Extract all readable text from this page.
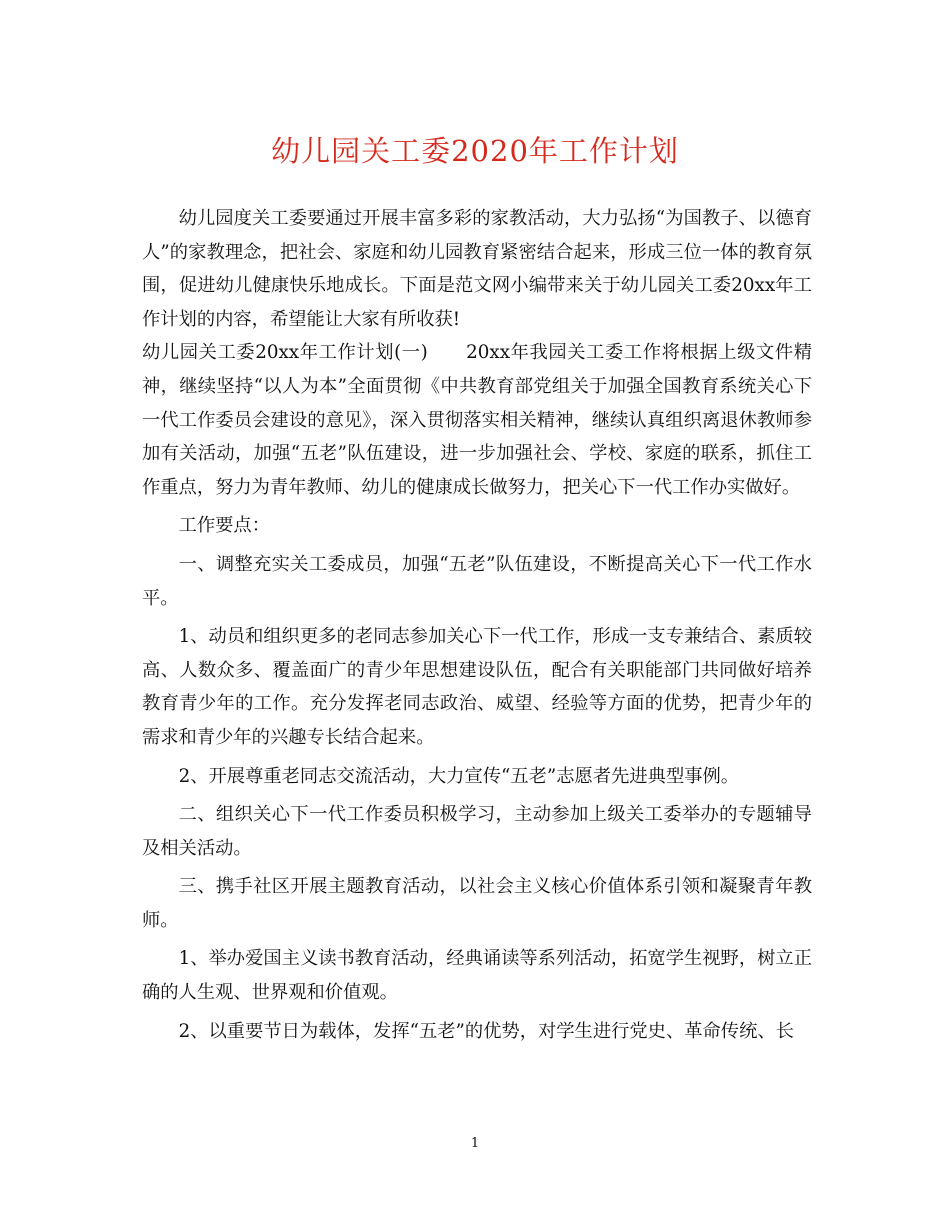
幼儿园关工委2020年工作计划

幼儿园度关工委要通过开展丰富多彩的家教活动，大力弘扬“为国教子、以德育人”的家教理念，把社会、家庭和幼儿园教育紧密结合起来，形成三位一体的教育氛围，促进幼儿健康快乐地成长。下面是范文网小编带来关于幼儿园关工委20xx年工作计划的内容，希望能让大家有所收获!

幼儿园关工委20xx年工作计划(一)　　20xx年我园关工委工作将根据上级文件精神，继续坚持“以人为本”全面贯彻《中共教育部党组关于加强全国教育系统关心下一代工作委员会建设的意见》，深入贯彻落实相关精神，继续认真组织离退休教师参加有关活动，加强“五老”队伍建设，进一步加强社会、学校、家庭的联系，抓住工作重点，努力为青年教师、幼儿的健康成长做努力，把关心下一代工作办实做好。

工作要点：

一、调整充实关工委成员，加强“五老”队伍建设，不断提高关心下一代工作水平。

1、动员和组织更多的老同志参加关心下一代工作，形成一支专兼结合、素质较高、人数众多、覆盖面广的青少年思想建设队伍，配合有关职能部门共同做好培养教育青少年的工作。充分发挥老同志政治、威望、经验等方面的优势，把青少年的需求和青少年的兴趣专长结合起来。

2、开展尊重老同志交流活动，大力宣传“五老”志愿者先进典型事例。

二、组织关心下一代工作委员积极学习，主动参加上级关工委举办的专题辅导及相关活动。

三、携手社区开展主题教育活动，以社会主义核心价值体系引领和凝聚青年教师。

1、举办爱国主义读书教育活动，经典诵读等系列活动，拓宽学生视野，树立正确的人生观、世界观和价值观。

2、以重要节日为载体，发挥“五老”的优势，对学生进行党史、革命传统、长

1
